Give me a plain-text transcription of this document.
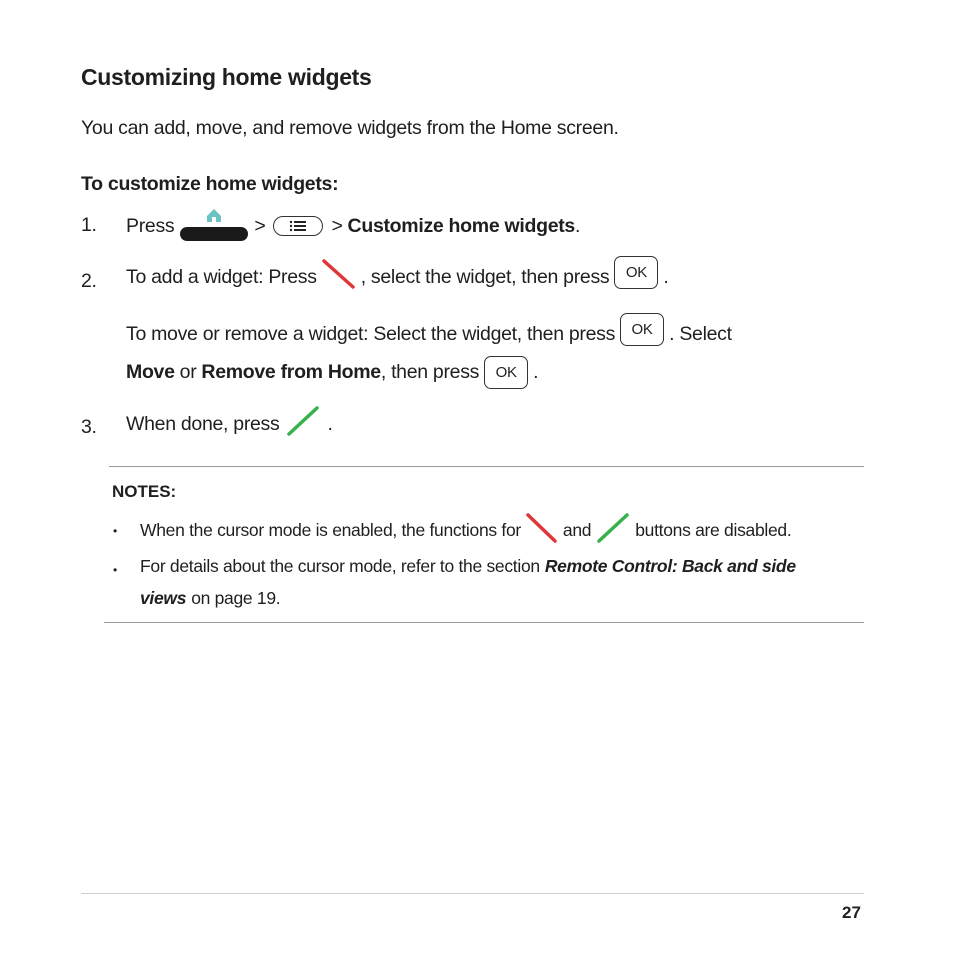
Customizing home widgets
You can add, move, and remove widgets from the Home screen.
To customize home widgets:
1. Press	>	> Customize home widgets .
2. To add a widget: Press , select the widget, then press	OK .
To move or remove a widget: Select the widget, then press	OK . Select
Move or Remove from Home , then press	OK .
3. When done, press .
NOTES:
• When the cursor mode is enabled, the functions for and	buttons are disabled.
• For details about the cursor mode, refer to the section Remote Control: Back and side
views on page 19.
27
